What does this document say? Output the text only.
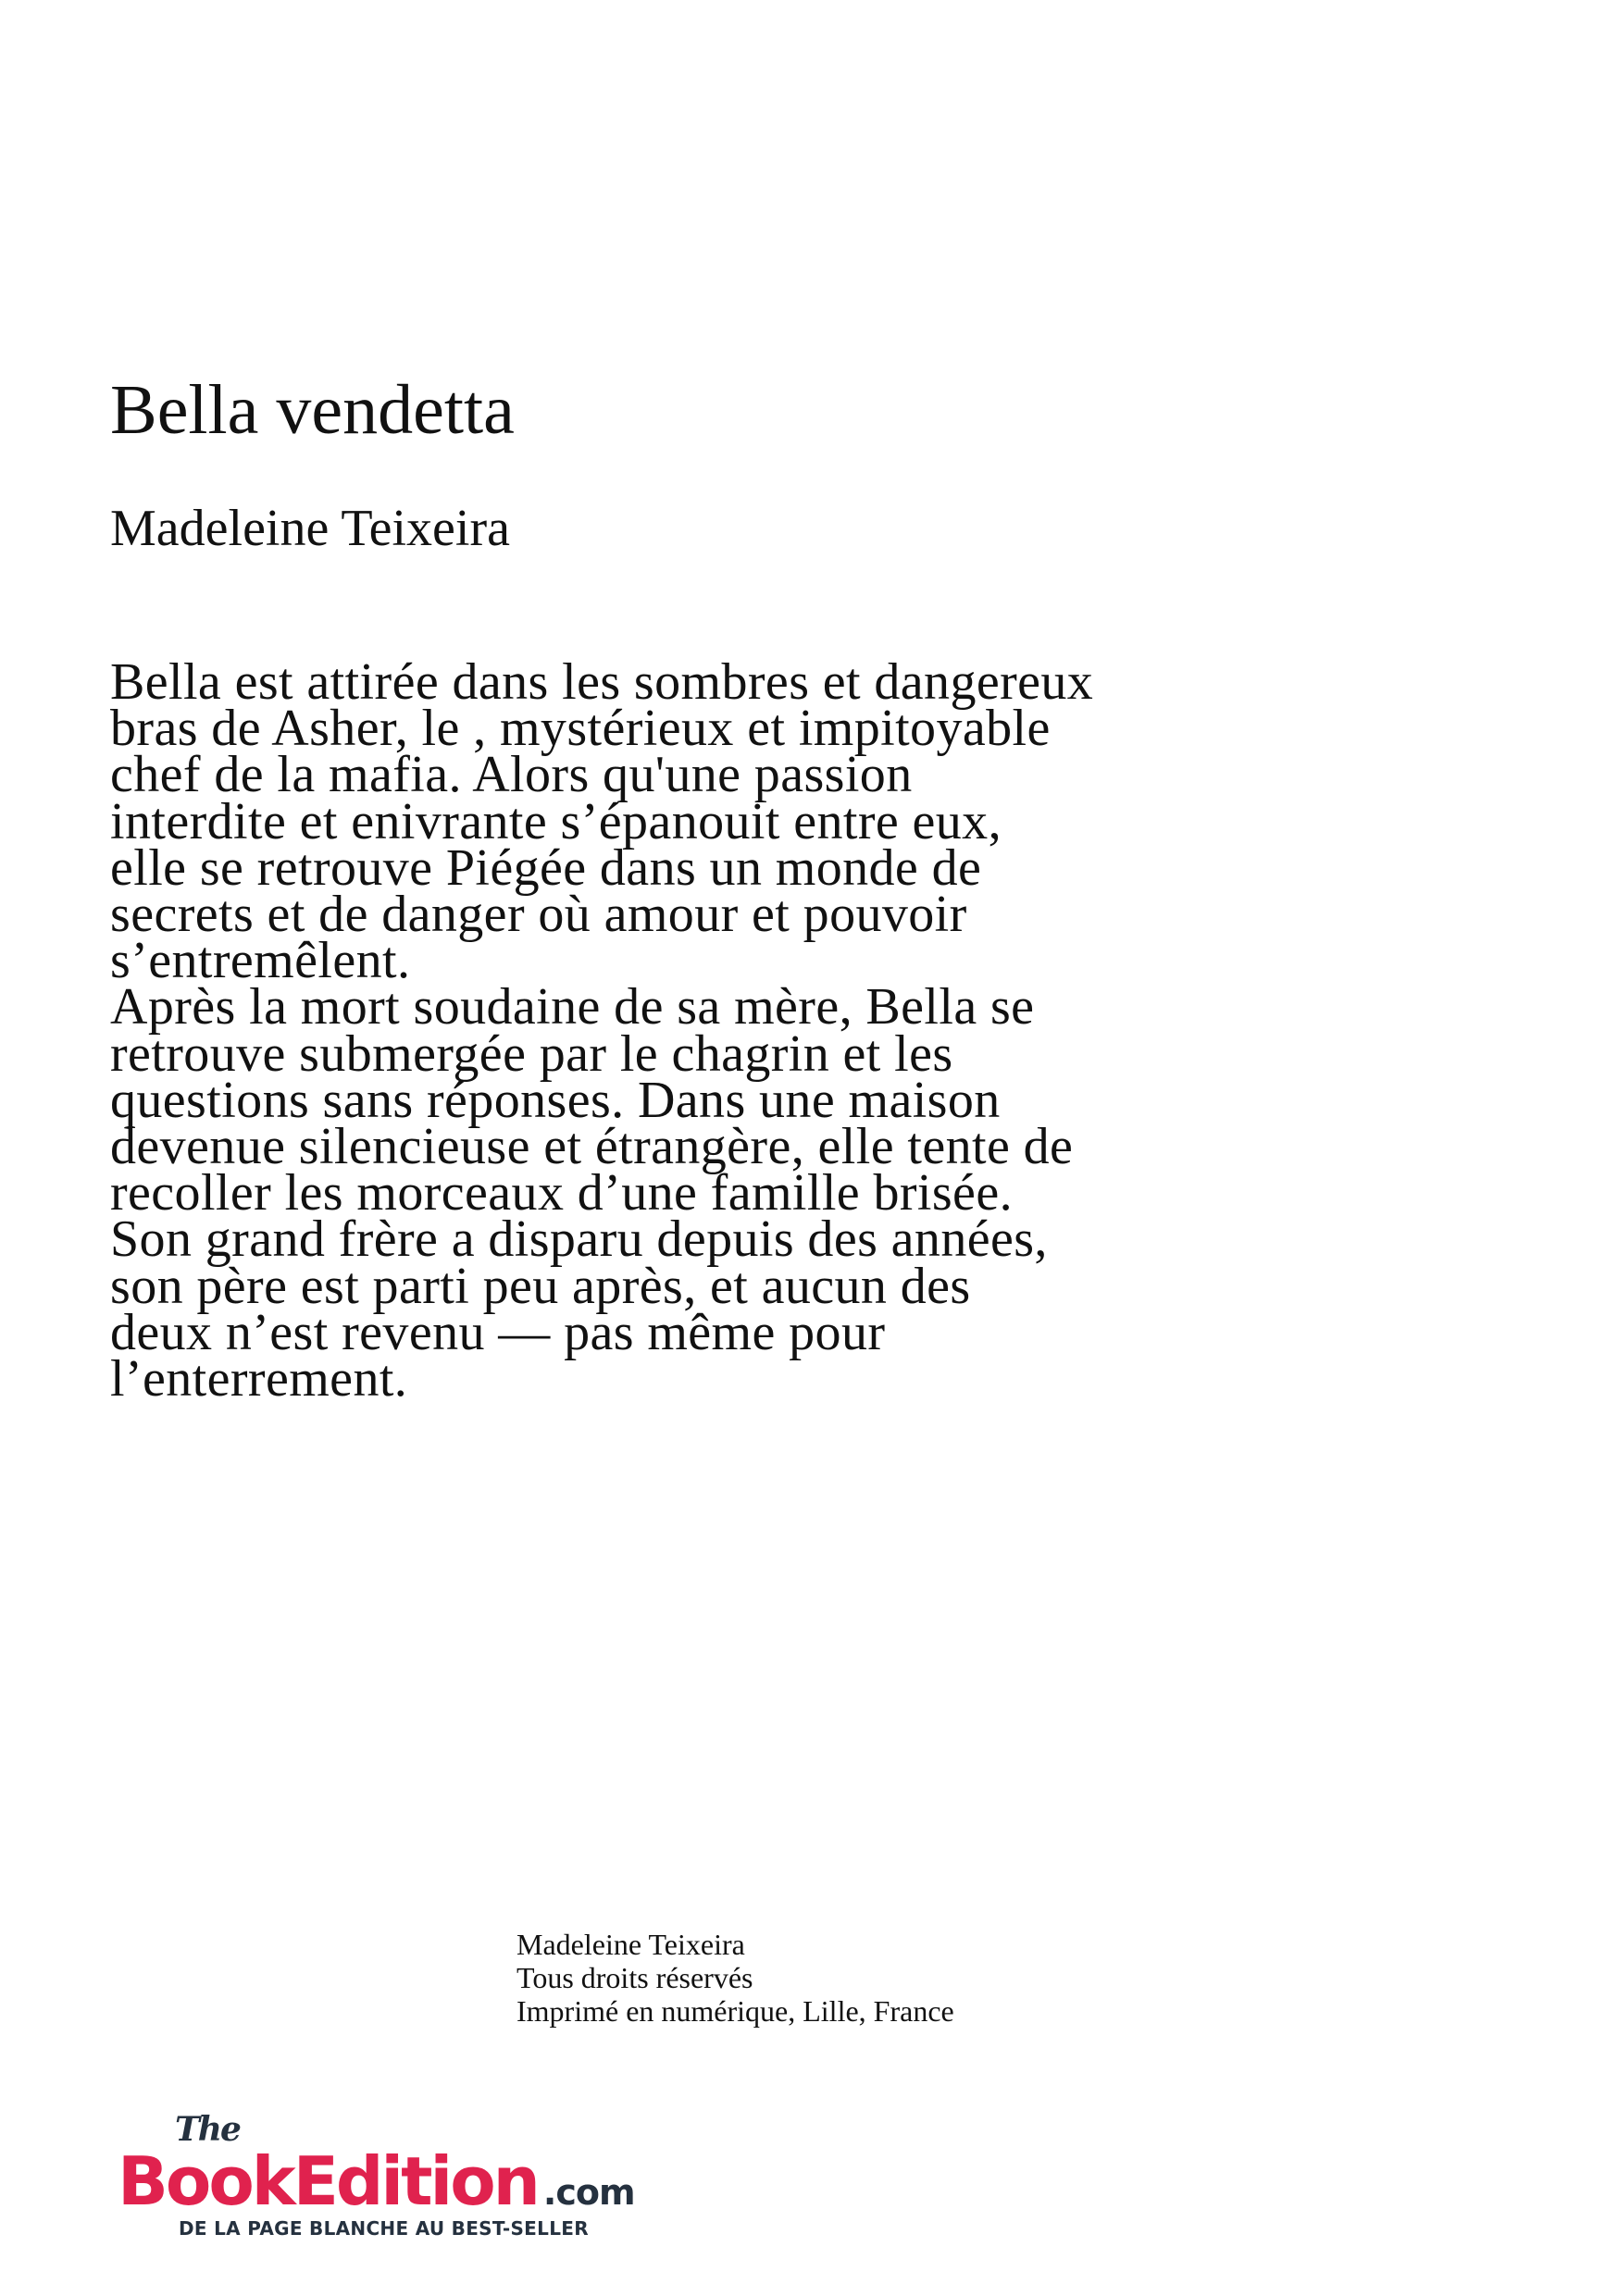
Bella vendetta
Madeleine Teixeira
Bella est attirée dans les sombres et dangereux
bras de Asher, le , mystérieux et impitoyable
chef de la mafia. Alors qu'une passion
interdite et enivrante s’épanouit entre eux,
elle se retrouve Piégée dans un monde de
secrets et de danger où amour et pouvoir
s’entremêlent.
Après la mort soudaine de sa mère, Bella se
retrouve submergée par le chagrin et les
questions sans réponses. Dans une maison
devenue silencieuse et étrangère, elle tente de
recoller les morceaux d’une famille brisée.
Son grand frère a disparu depuis des années,
son père est parti peu après, et aucun des
deux n’est revenu — pas même pour
l’enterrement.
Madeleine Teixeira
Tous droits réservés
Imprimé en numérique, Lille, France
The
BookEdition .com
DE LA PAGE BLANCHE AU BEST-SELLER
